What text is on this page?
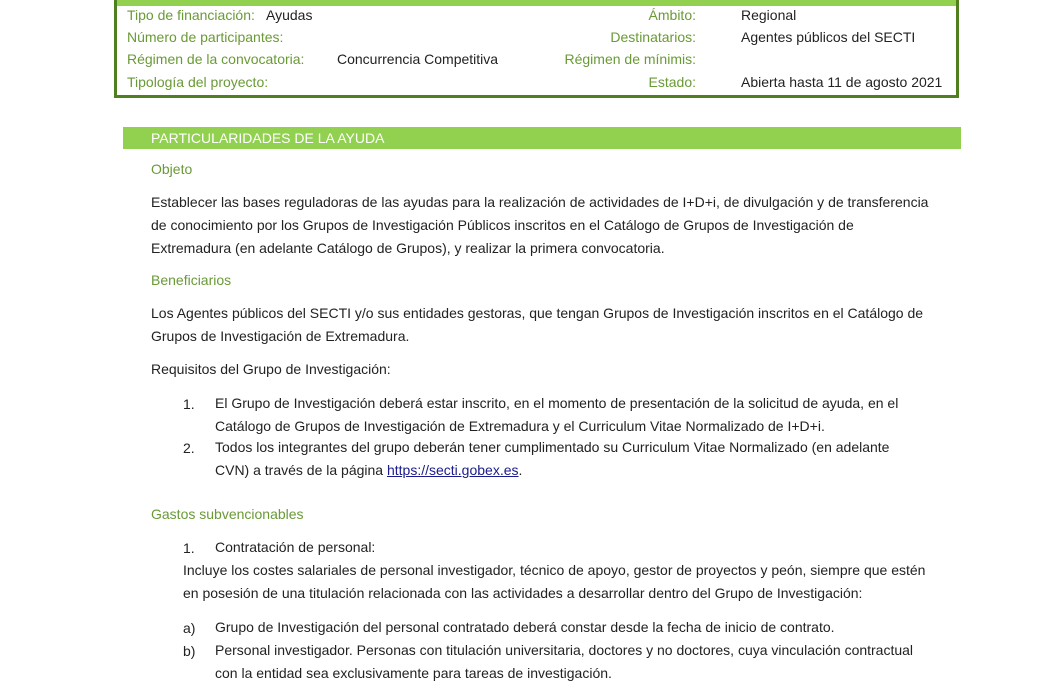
Tipo de financiación: Ayudas	Ámbito:	Regional
Número de participantes:	Destinatarios:	Agentes públicos del SECTI
Régimen de la convocatoria: Concurrencia Competitiva	Régimen de mínimis:
Tipología del proyecto:	Estado:	Abierta hasta 11 de agosto 2021
PARTICULARIDADES DE LA AYUDA
Objeto
Establecer las bases reguladoras de las ayudas para la realización de actividades de I+D+i, de divulgación y de transferencia
de conocimiento por los Grupos de Investigación Públicos inscritos en el Catálogo de Grupos de Investigación de
Extremadura (en adelante Catálogo de Grupos), y realizar la primera convocatoria.
Beneficiarios
Los Agentes públicos del SECTI y/o sus entidades gestoras, que tengan Grupos de Investigación inscritos en el Catálogo de
Grupos de Investigación de Extremadura.
Requisitos del Grupo de Investigación:
1. El Grupo de Investigación deberá estar inscrito, en el momento de presentación de la solicitud de ayuda, en el
Catálogo de Grupos de Investigación de Extremadura y el Curriculum Vitae Normalizado de I+D+i.
2. Todos los integrantes del grupo deberán tener cumplimentado su Curriculum Vitae Normalizado (en adelante
CVN) a través de la página https://secti.gobex.es.
Gastos subvencionables
1. Contratación de personal:
Incluye los costes salariales de personal investigador, técnico de apoyo, gestor de proyectos y peón, siempre que estén
en posesión de una titulación relacionada con las actividades a desarrollar dentro del Grupo de Investigación:
a) Grupo de Investigación del personal contratado deberá constar desde la fecha de inicio de contrato.
b) Personal investigador. Personas con titulación universitaria, doctores y no doctores, cuya vinculación contractual
con la entidad sea exclusivamente para tareas de investigación.
